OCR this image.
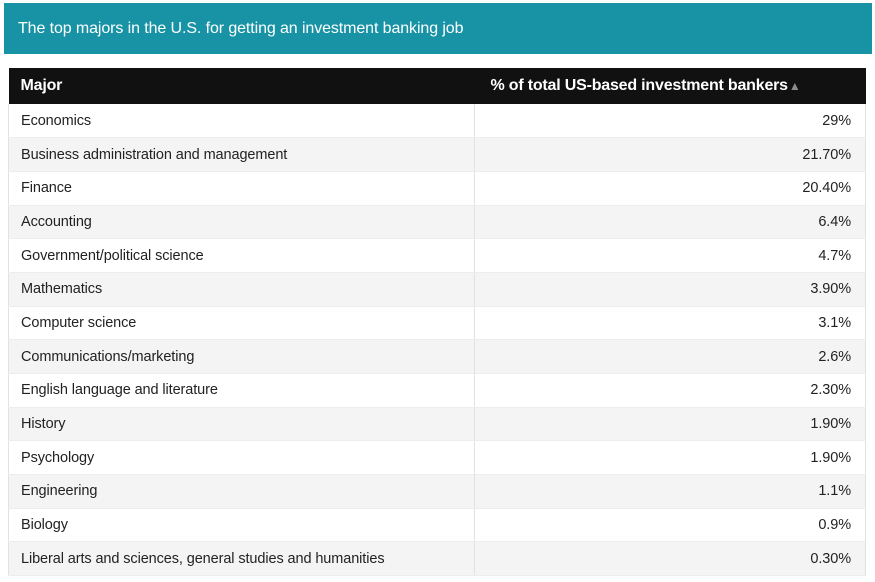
The top majors in the U.S. for getting an investment banking job
Major	% of total US-based investment bankers▲
Economics	29%
Business administration and management	21.70%
Finance	20.40%
Accounting	6.4%
Government/political science	4.7%
Mathematics	3.90%
Computer science	3.1%
Communications/marketing	2.6%
English language and literature	2.30%
History	1.90%
Psychology	1.90%
Engineering	1.1%
Biology	0.9%
Liberal arts and sciences, general studies and humanities	0.30%
